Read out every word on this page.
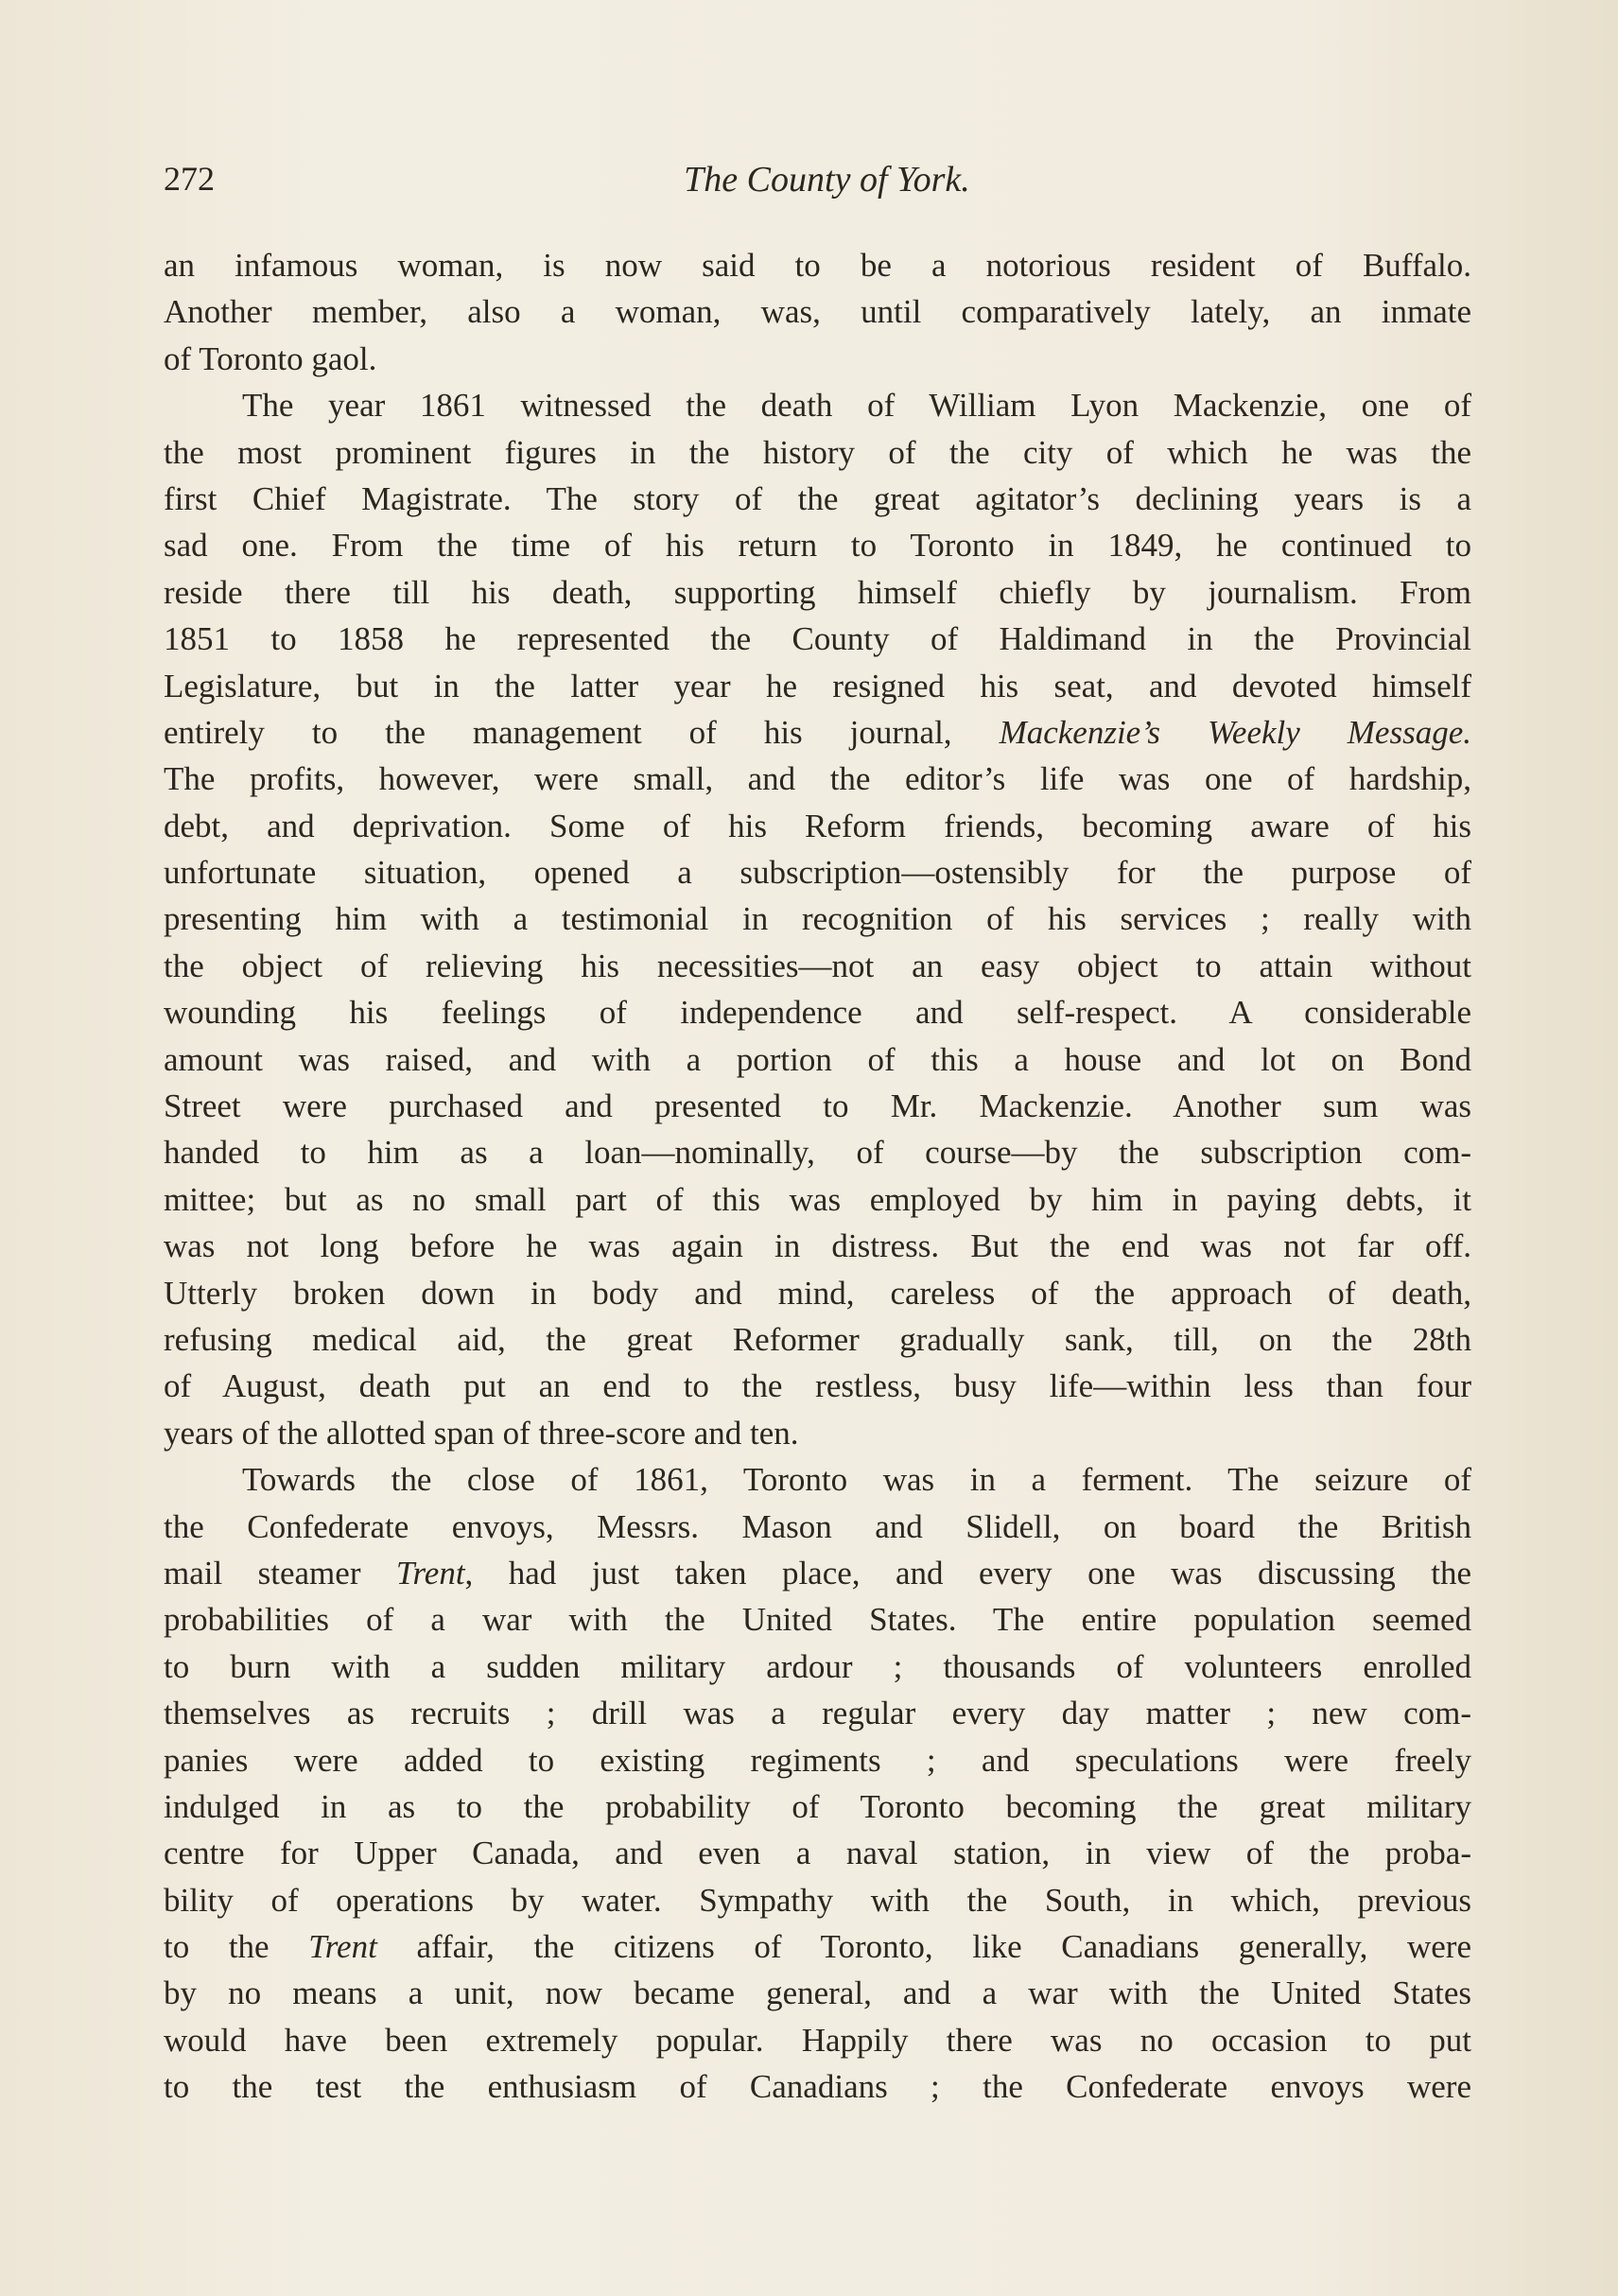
272	The County of York.
an infamous woman, is now said to be a notorious resident of Buffalo.
Another member, also a woman, was, until comparatively lately, an inmate
of Toronto gaol.
The year 1861 witnessed the death of William Lyon Mackenzie, one of
the most prominent figures in the history of the city of which he was the
first Chief Magistrate. The story of the great agitator’s declining years is a
sad one. From the time of his return to Toronto in 1849, he continued to
reside there till his death, supporting himself chiefly by journalism. From
1851 to 1858 he represented the County of Haldimand in the Provincial
Legislature, but in the latter year he resigned his seat, and devoted himself
entirely to the management of his journal, Mackenzie’s Weekly Message.
The profits, however, were small, and the editor’s life was one of hardship,
debt, and deprivation. Some of his Reform friends, becoming aware of his
unfortunate situation, opened a subscription—ostensibly for the purpose of
presenting him with a testimonial in recognition of his services ; really with
the object of relieving his necessities—not an easy object to attain without
wounding his feelings of independence and self-respect. A considerable
amount was raised, and with a portion of this a house and lot on Bond
Street were purchased and presented to Mr. Mackenzie. Another sum was
handed to him as a loan—nominally, of course—by the subscription com-
mittee; but as no small part of this was employed by him in paying debts, it
was not long before he was again in distress. But the end was not far off.
Utterly broken down in body and mind, careless of the approach of death,
refusing medical aid, the great Reformer gradually sank, till, on the 28th
of August, death put an end to the restless, busy life—within less than four
years of the allotted span of three-score and ten.
Towards the close of 1861, Toronto was in a ferment. The seizure of
the Confederate envoys, Messrs. Mason and Slidell, on board the British
mail steamer Trent, had just taken place, and every one was discussing the
probabilities of a war with the United States. The entire population seemed
to burn with a sudden military ardour ; thousands of volunteers enrolled
themselves as recruits ; drill was a regular every day matter ; new com-
panies were added to existing regiments ; and speculations were freely
indulged in as to the probability of Toronto becoming the great military
centre for Upper Canada, and even a naval station, in view of the proba-
bility of operations by water. Sympathy with the South, in which, previous
to the Trent affair, the citizens of Toronto, like Canadians generally, were
by no means a unit, now became general, and a war with the United States
would have been extremely popular. Happily there was no occasion to put
to the test the enthusiasm of Canadians ; the Confederate envoys were
